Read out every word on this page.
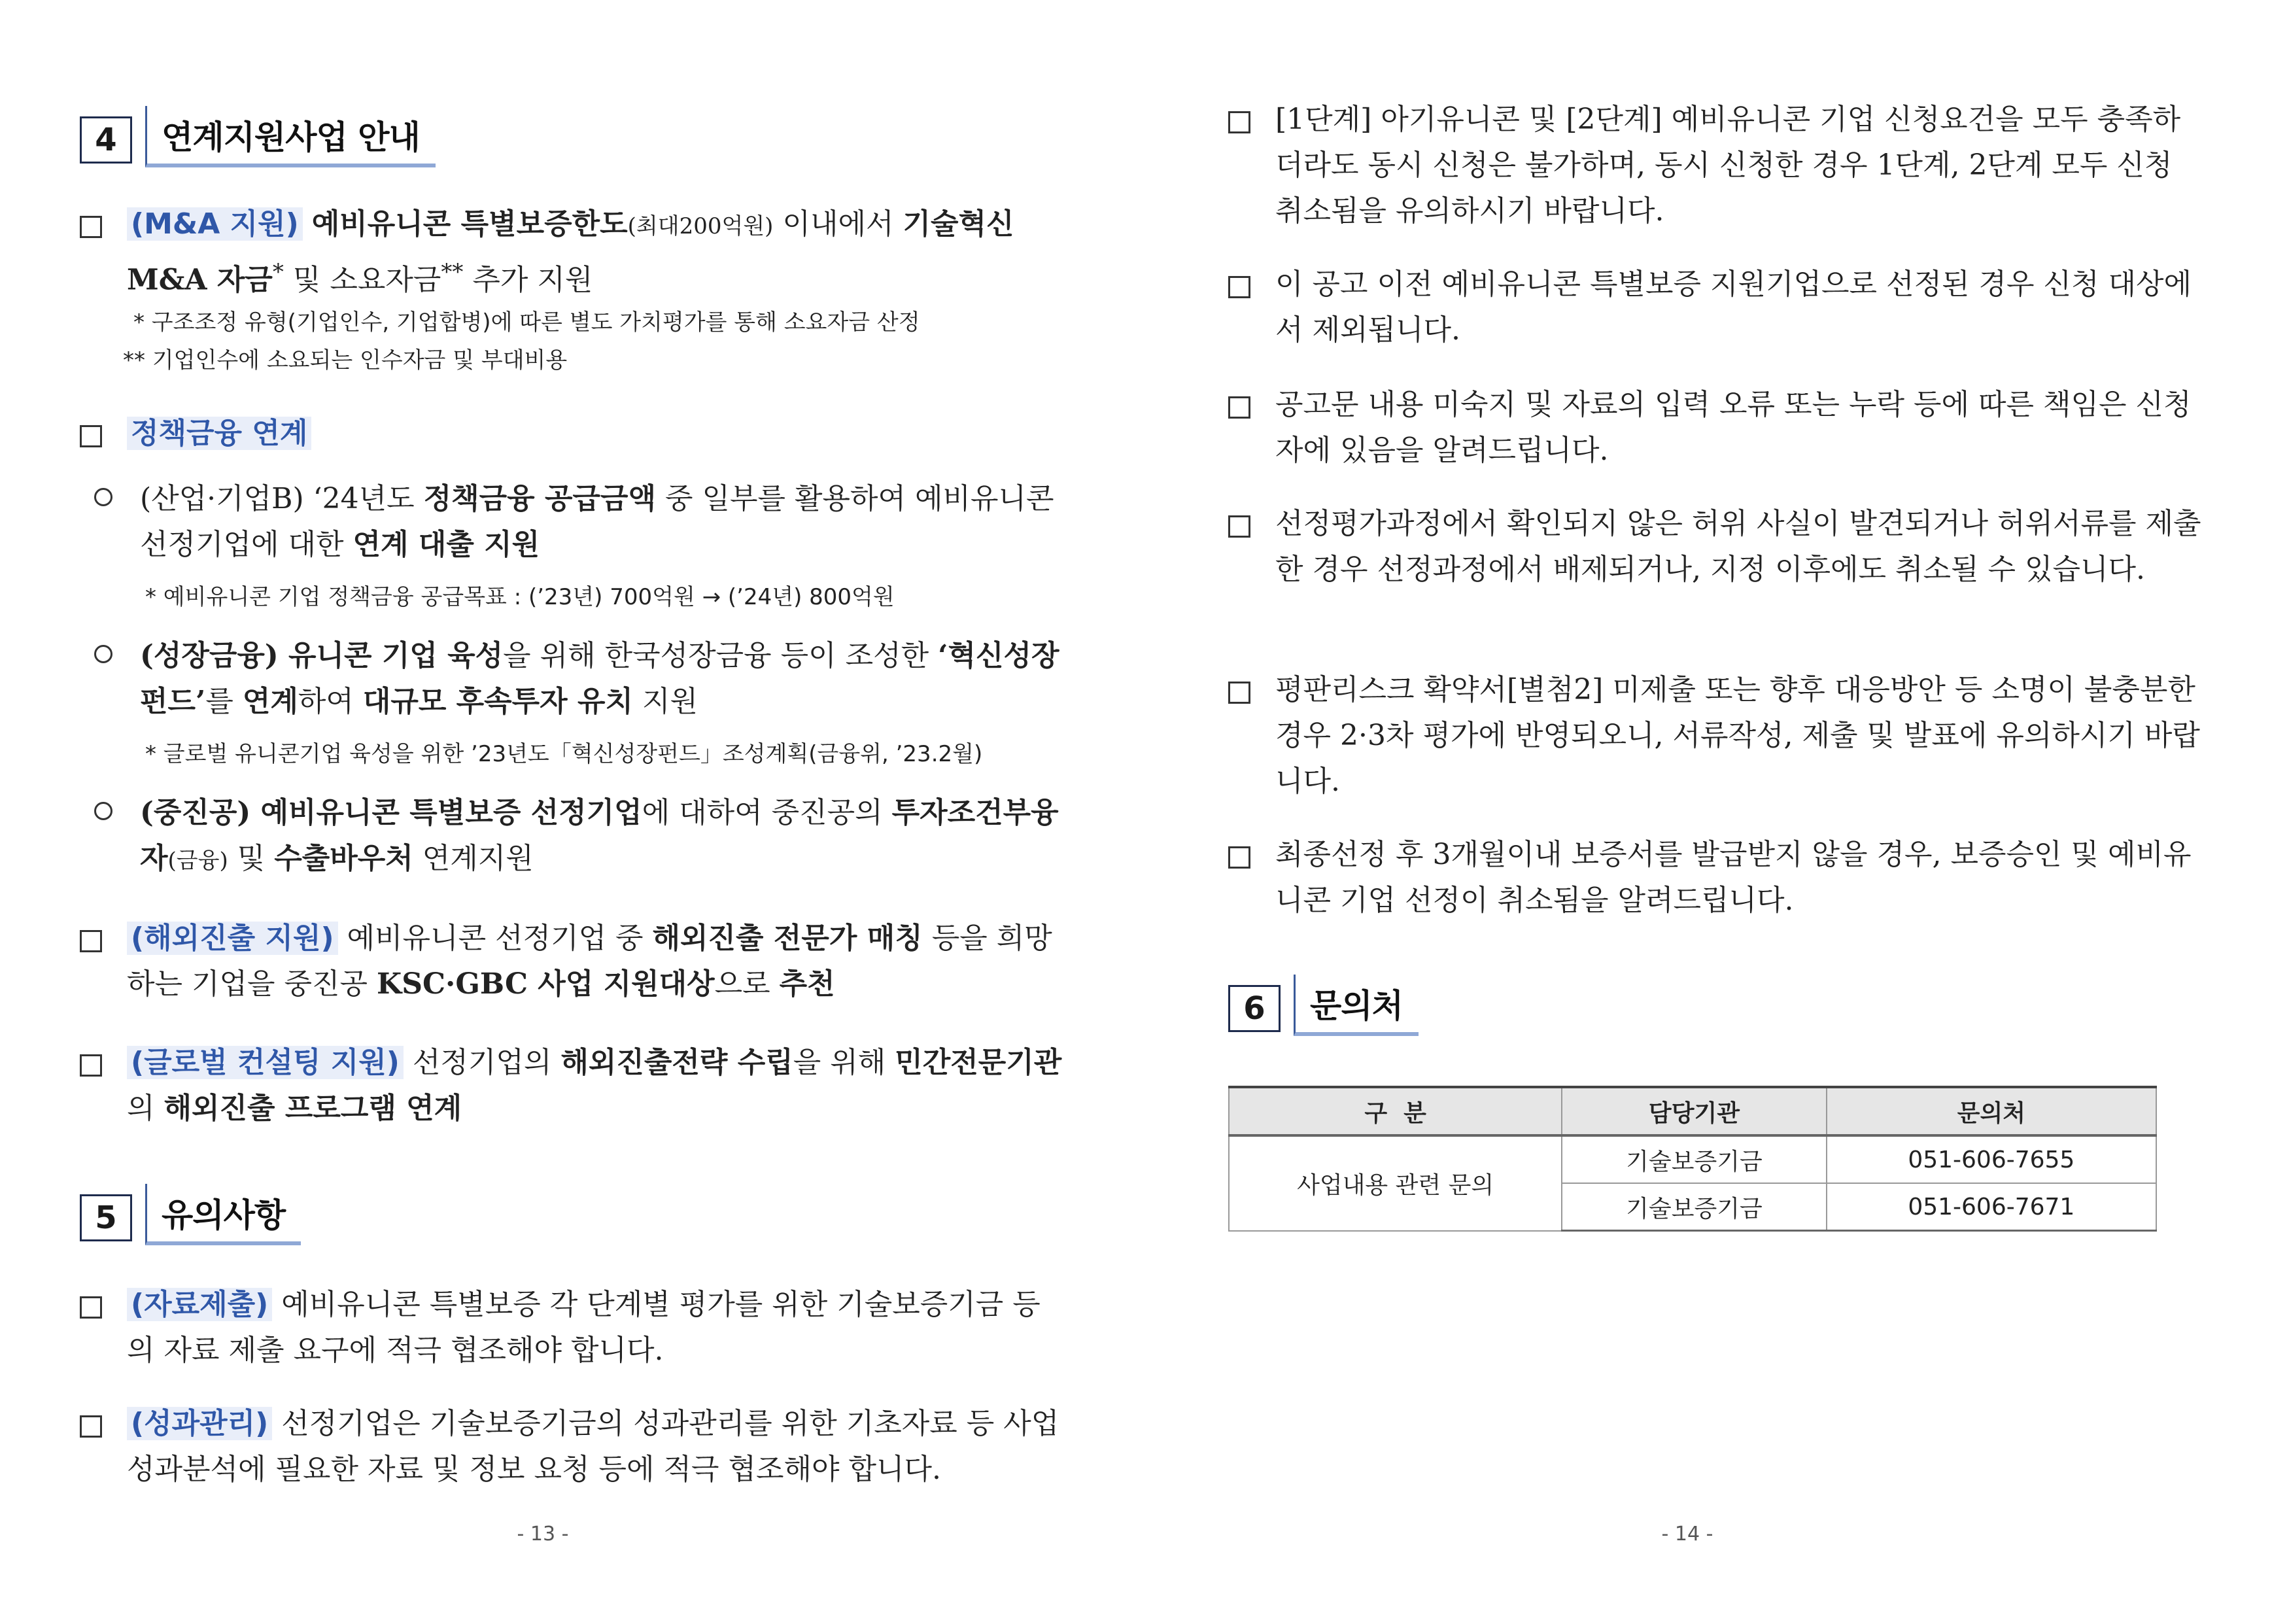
4	연계지원사업 안내
(M&A 지원) 예비유니콘 특별보증한도(최대200억원) 이내에서 기술혁신 M&A 자금* 및 소요자금** 추가 지원
* 구조조정 유형(기업인수, 기업합병)에 따른 별도 가치평가를 통해 소요자금 산정
** 기업인수에 소요되는 인수자금 및 부대비용
정책금융 연계
(산업·기업B) ‘24년도 정책금융 공급금액 중 일부를 활용하여 예비유니콘 선정기업에 대한 연계 대출 지원
* 예비유니콘 기업 정책금융 공급목표 : (’23년) 700억원 → (’24년) 800억원
(성장금융) 유니콘 기업 육성을 위해 한국성장금융 등이 조성한 ‘혁신성장펀드’를 연계하여 대규모 후속투자 유치 지원
* 글로벌 유니콘기업 육성을 위한 ’23년도「혁신성장펀드」조성계획(금융위, ’23.2월)
(중진공) 예비유니콘 특별보증 선정기업에 대하여 중진공의 투자조건부융자(금융) 및 수출바우처 연계지원
(해외진출 지원) 예비유니콘 선정기업 중 해외진출 전문가 매칭 등을 희망하는 기업을 중진공 KSC·GBC 사업 지원대상으로 추천
(글로벌 컨설팅 지원) 선정기업의 해외진출전략 수립을 위해 민간전문기관의 해외진출 프로그램 연계
5	유의사항
(자료제출) 예비유니콘 특별보증 각 단계별 평가를 위한 기술보증기금 등의 자료 제출 요구에 적극 협조해야 합니다.
(성과관리) 선정기업은 기술보증기금의 성과관리를 위한 기초자료 등 사업 성과분석에 필요한 자료 및 정보 요청 등에 적극 협조해야 합니다.
- 13 -
[1단계] 아기유니콘 및 [2단계] 예비유니콘 기업 신청요건을 모두 충족하더라도 동시 신청은 불가하며, 동시 신청한 경우 1단계, 2단계 모두 신청 취소됨을 유의하시기 바랍니다.
이 공고 이전 예비유니콘 특별보증 지원기업으로 선정된 경우 신청 대상에서 제외됩니다.
공고문 내용 미숙지 및 자료의 입력 오류 또는 누락 등에 따른 책임은 신청자에 있음을 알려드립니다.
선정평가과정에서 확인되지 않은 허위 사실이 발견되거나 허위서류를 제출한 경우 선정과정에서 배제되거나, 지정 이후에도 취소될 수 있습니다.
평판리스크 확약서[별첨2] 미제출 또는 향후 대응방안 등 소명이 불충분한 경우 2·3차 평가에 반영되오니, 서류작성, 제출 및 발표에 유의하시기 바랍니다.
최종선정 후 3개월이내 보증서를 발급받지 않을 경우, 보증승인 및 예비유니콘 기업 선정이 취소됨을 알려드립니다.
6	문의처
구  분	담당기관	문의처
사업내용 관련 문의	기술보증기금	051-606-7655
	기술보증기금	051-606-7671
- 14 -
